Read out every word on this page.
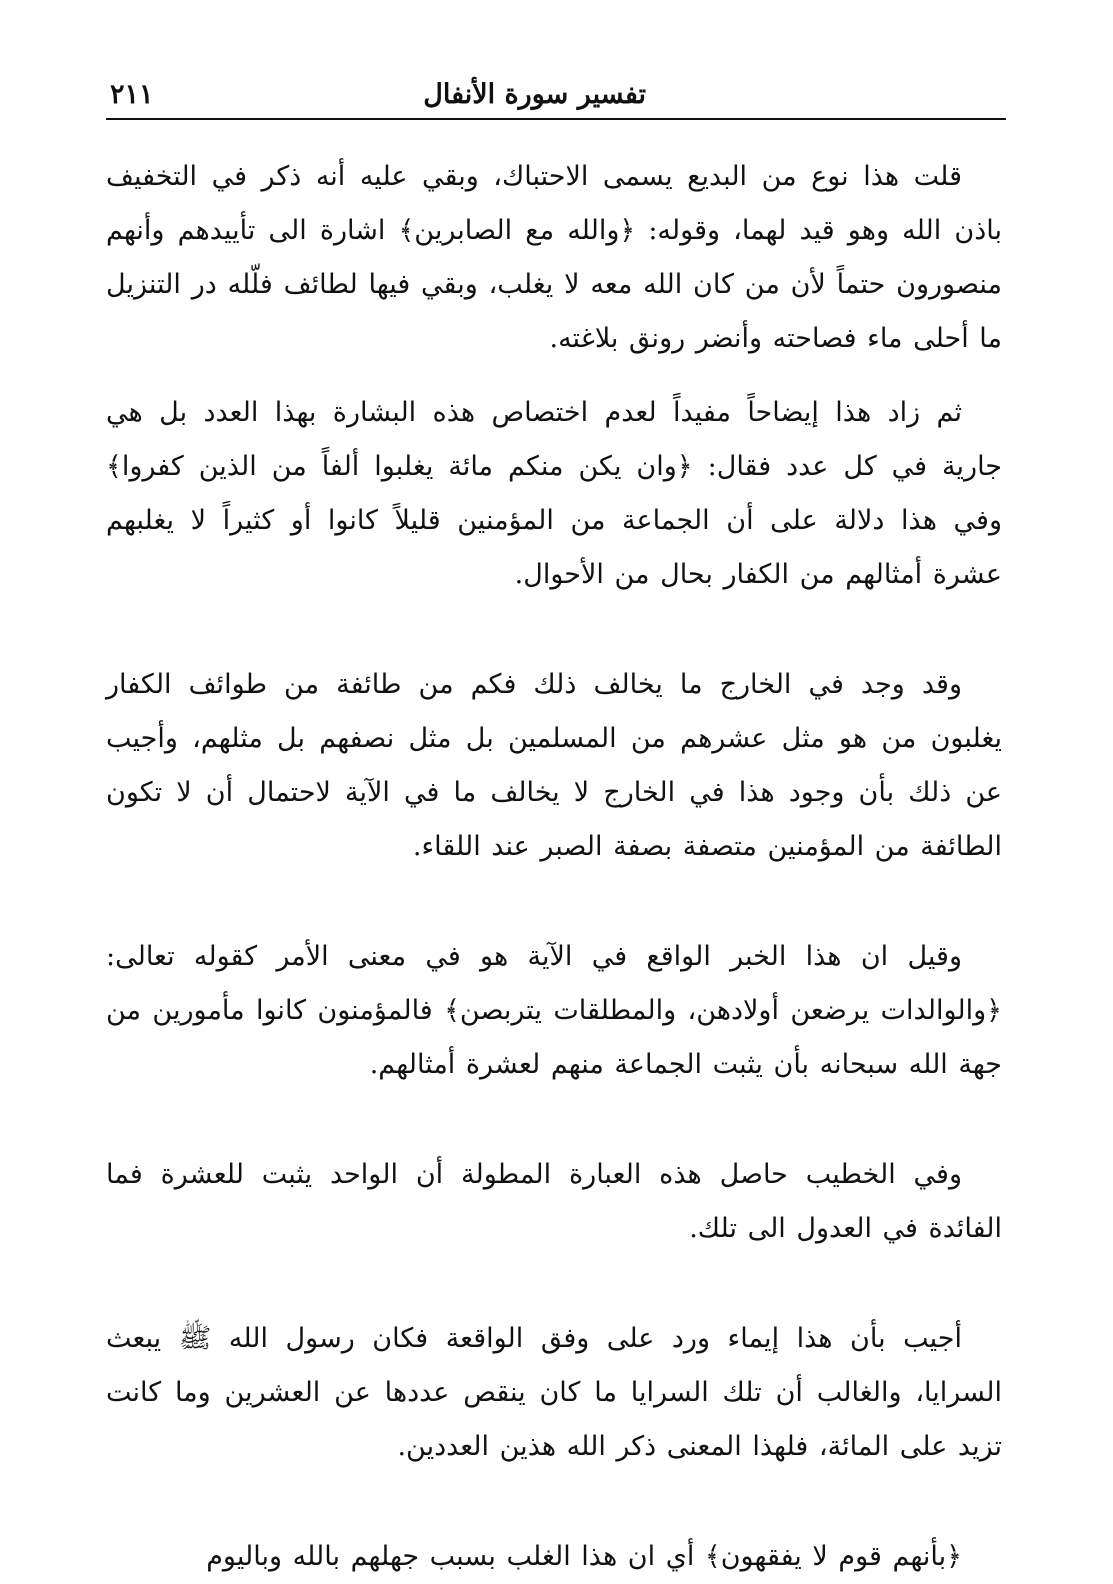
تفسير سورة الأنفال
٢١١

قلت هذا نوع من البديع يسمى الاحتباك، وبقي عليه أنه ذكر في التخفيف باذن الله وهو قيد لهما، وقوله: ﴿والله مع الصابرين﴾ اشارة الى تأييدهم وأنهم منصورون حتماً لأن من كان الله معه لا يغلب، وبقي فيها لطائف فلّله در التنزيل ما أحلى ماء فصاحته وأنضر رونق بلاغته.

ثم زاد هذا إيضاحاً مفيداً لعدم اختصاص هذه البشارة بهذا العدد بل هي جارية في كل عدد فقال: ﴿وان يكن منكم مائة يغلبوا ألفاً من الذين كفروا﴾ وفي هذا دلالة على أن الجماعة من المؤمنين قليلاً كانوا أو كثيراً لا يغلبهم عشرة أمثالهم من الكفار بحال من الأحوال.

وقد وجد في الخارج ما يخالف ذلك فكم من طائفة من طوائف الكفار يغلبون من هو مثل عشرهم من المسلمين بل مثل نصفهم بل مثلهم، وأجيب عن ذلك بأن وجود هذا في الخارج لا يخالف ما في الآية لاحتمال أن لا تكون الطائفة من المؤمنين متصفة بصفة الصبر عند اللقاء.

وقيل ان هذا الخبر الواقع في الآية هو في معنى الأمر كقوله تعالى: ﴿والوالدات يرضعن أولادهن، والمطلقات يتربصن﴾ فالمؤمنون كانوا مأمورين من جهة الله سبحانه بأن يثبت الجماعة منهم لعشرة أمثالهم.

وفي الخطيب حاصل هذه العبارة المطولة أن الواحد يثبت للعشرة فما الفائدة في العدول الى تلك.

أجيب بأن هذا إيماء ورد على وفق الواقعة فكان رسول الله ﷺ يبعث السرايا، والغالب أن تلك السرايا ما كان ينقص عددها عن العشرين وما كانت تزيد على المائة، فلهذا المعنى ذكر الله هذين العددين.

﴿بأنهم قوم لا يفقهون﴾ أي ان هذا الغلب بسبب جهلهم بالله وباليوم
